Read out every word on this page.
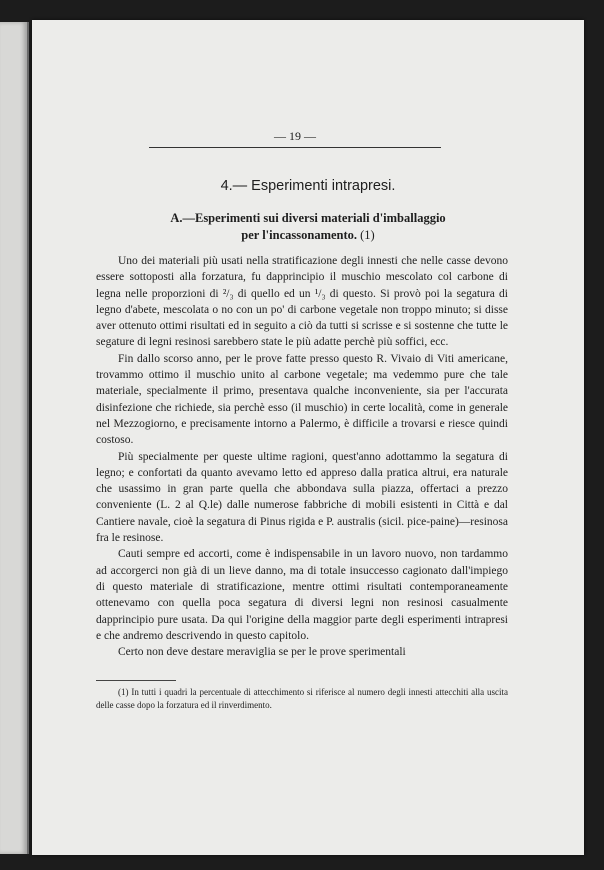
— 19 —
4.— Esperimenti intrapresi.
A.—Esperimenti sui diversi materiali d'imballaggio
per l'incassonamento. (1)

Uno dei materiali più usati nella stratificazione degli innesti che nelle casse devono essere sottoposti alla forzatura, fu dapprincipio il muschio mescolato col carbone di legna nelle proporzioni di ²/₃ di quello ed un ¹/₃ di questo. Si provò poi la segatura di legno d'abete, mescolata o no con un po' di carbone vegetale non troppo minuto; si disse aver ottenuto ottimi risultati ed in seguito a ciò da tutti si scrisse e si sostenne che tutte le segature di legni resinosi sarebbero state le più adatte perchè più soffici, ecc.

Fin dallo scorso anno, per le prove fatte presso questo R. Vivaio di Viti americane, trovammo ottimo il muschio unito al carbone vegetale; ma vedemmo pure che tale materiale, specialmente il primo, presentava qualche inconveniente, sia per l'accurata disinfezione che richiede, sia perchè esso (il muschio) in certe località, come in generale nel Mezzogiorno, e precisamente intorno a Palermo, è difficile a trovarsi e riesce quindi costoso.

Più specialmente per queste ultime ragioni, quest'anno adottammo la segatura di legno; e confortati da quanto avevamo letto ed appreso dalla pratica altrui, era naturale che usassimo in gran parte quella che abbondava sulla piazza, offertaci a prezzo conveniente (L. 2 al Q.le) dalle numerose fabbriche di mobili esistenti in Città e dal Cantiere navale, cioè la segatura di Pinus rigida e P. australis (sicil. pice-paine)—resinosa fra le resinose.

Cauti sempre ed accorti, come è indispensabile in un lavoro nuovo, non tardammo ad accorgerci non già di un lieve danno, ma di totale insuccesso cagionato dall'impiego di questo materiale di stratificazione, mentre ottimi risultati contemporaneamente ottenevamo con quella poca segatura di diversi legni non resinosi casualmente dapprincipio pure usata. Da qui l'origine della maggior parte degli esperimenti intrapresi e che andremo descrivendo in questo capitolo.

Certo non deve destare meraviglia se per le prove sperimentali

(1) In tutti i quadri la percentuale di attecchimento si riferisce al numero degli innesti attecchiti alla uscita delle casse dopo la forzatura ed il rinverdimento.
